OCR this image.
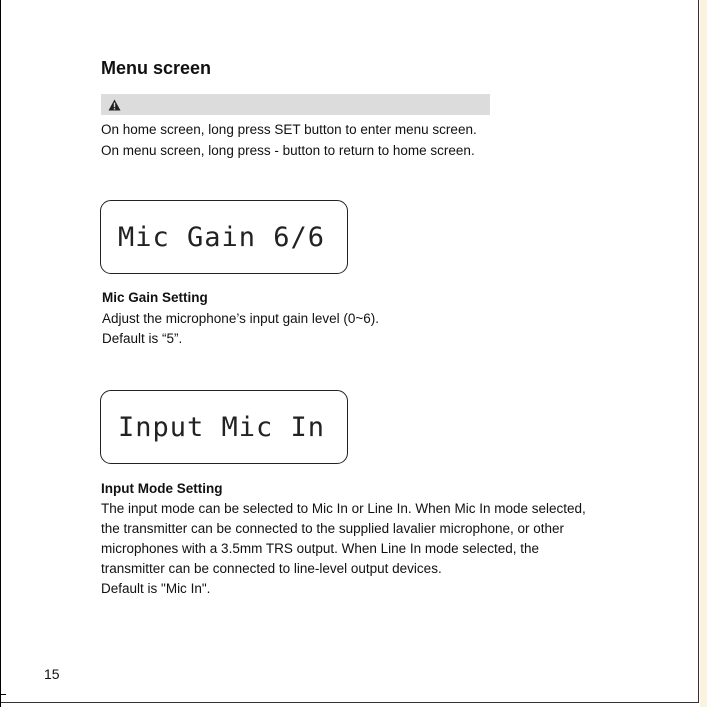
Menu screen
On home screen, long press SET button to enter menu screen.
On menu screen, long press - button to return to home screen.
Mic Gain 6/6
Mic Gain Setting
Adjust the microphone’s input gain level (0~6).
Default is “5”.
Input Mic In
Input Mode Setting
The input mode can be selected to Mic In or Line In. When Mic In mode selected,
the transmitter can be connected to the supplied lavalier microphone, or other
microphones with a 3.5mm TRS output. When Line In mode selected, the
transmitter can be connected to line-level output devices.
Default is "Mic In".
15
